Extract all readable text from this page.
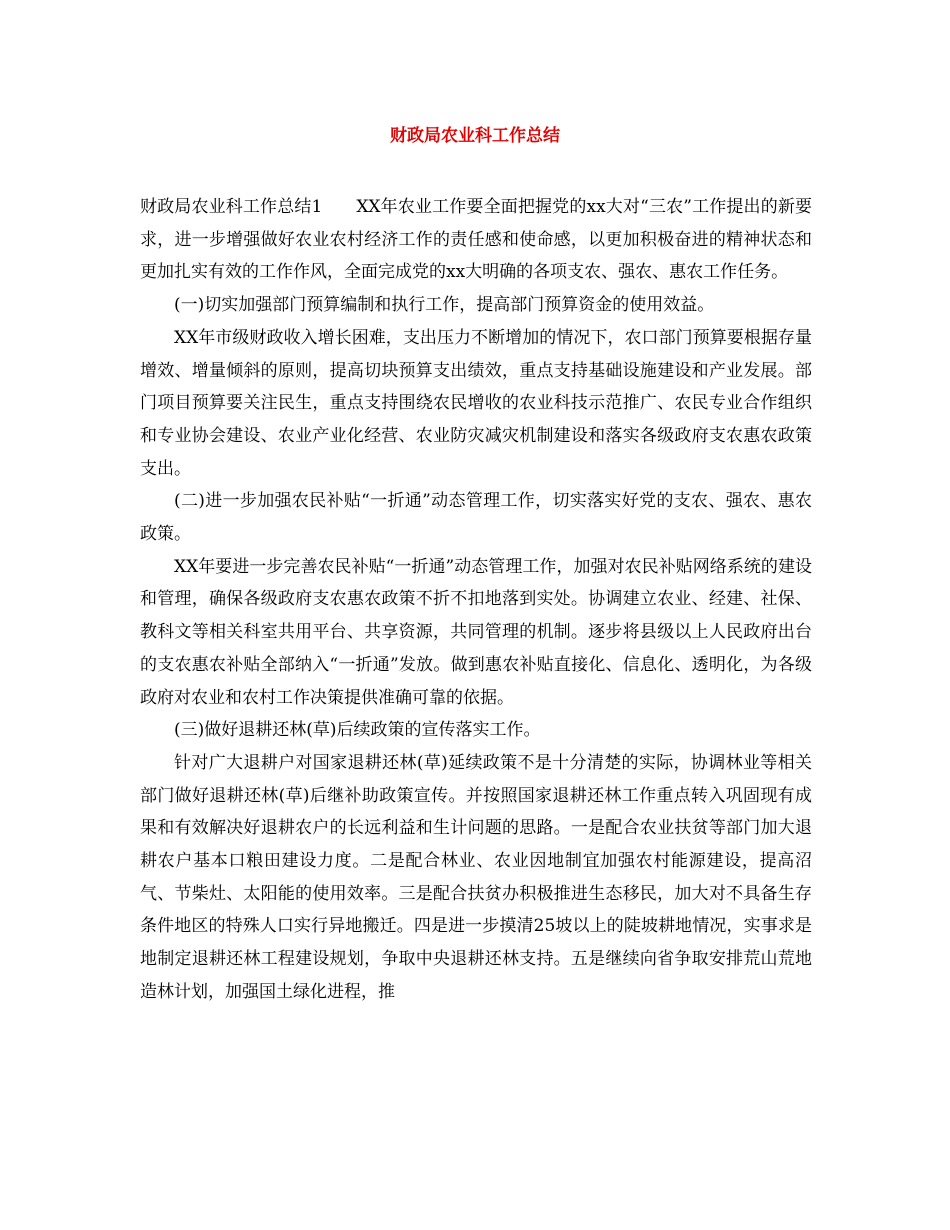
财政局农业科工作总结

财政局农业科工作总结1 XX年农业工作要全面把握党的xx大对“三农”工作提出的新要求，进一步增强做好农业农村经济工作的责任感和使命感，以更加积极奋进的精神状态和更加扎实有效的工作作风，全面完成党的xx大明确的各项支农、强农、惠农工作任务。

(一)切实加强部门预算编制和执行工作，提高部门预算资金的使用效益。

XX年市级财政收入增长困难，支出压力不断增加的情况下，农口部门预算要根据存量增效、增量倾斜的原则，提高切块预算支出绩效，重点支持基础设施建设和产业发展。部门项目预算要关注民生，重点支持围绕农民增收的农业科技示范推广、农民专业合作组织和专业协会建设、农业产业化经营、农业防灾减灾机制建设和落实各级政府支农惠农政策支出。

(二)进一步加强农民补贴“一折通”动态管理工作，切实落实好党的支农、强农、惠农政策。

XX年要进一步完善农民补贴“一折通”动态管理工作，加强对农民补贴网络系统的建设和管理，确保各级政府支农惠农政策不折不扣地落到实处。协调建立农业、经建、社保、教科文等相关科室共用平台、共享资源，共同管理的机制。逐步将县级以上人民政府出台的支农惠农补贴全部纳入“一折通”发放。做到惠农补贴直接化、信息化、透明化，为各级政府对农业和农村工作决策提供准确可靠的依据。

(三)做好退耕还林(草)后续政策的宣传落实工作。

针对广大退耕户对国家退耕还林(草)延续政策不是十分清楚的实际，协调林业等相关部门做好退耕还林(草)后继补助政策宣传。并按照国家退耕还林工作重点转入巩固现有成果和有效解决好退耕农户的长远利益和生计问题的思路。一是配合农业扶贫等部门加大退耕农户基本口粮田建设力度。二是配合林业、农业因地制宜加强农村能源建设，提高沼气、节柴灶、太阳能的使用效率。三是配合扶贫办积极推进生态移民，加大对不具备生存条件地区的特殊人口实行异地搬迁。四是进一步摸清25坡以上的陡坡耕地情况，实事求是地制定退耕还林工程建设规划，争取中央退耕还林支持。五是继续向省争取安排荒山荒地造林计划，加强国土绿化进程，推
